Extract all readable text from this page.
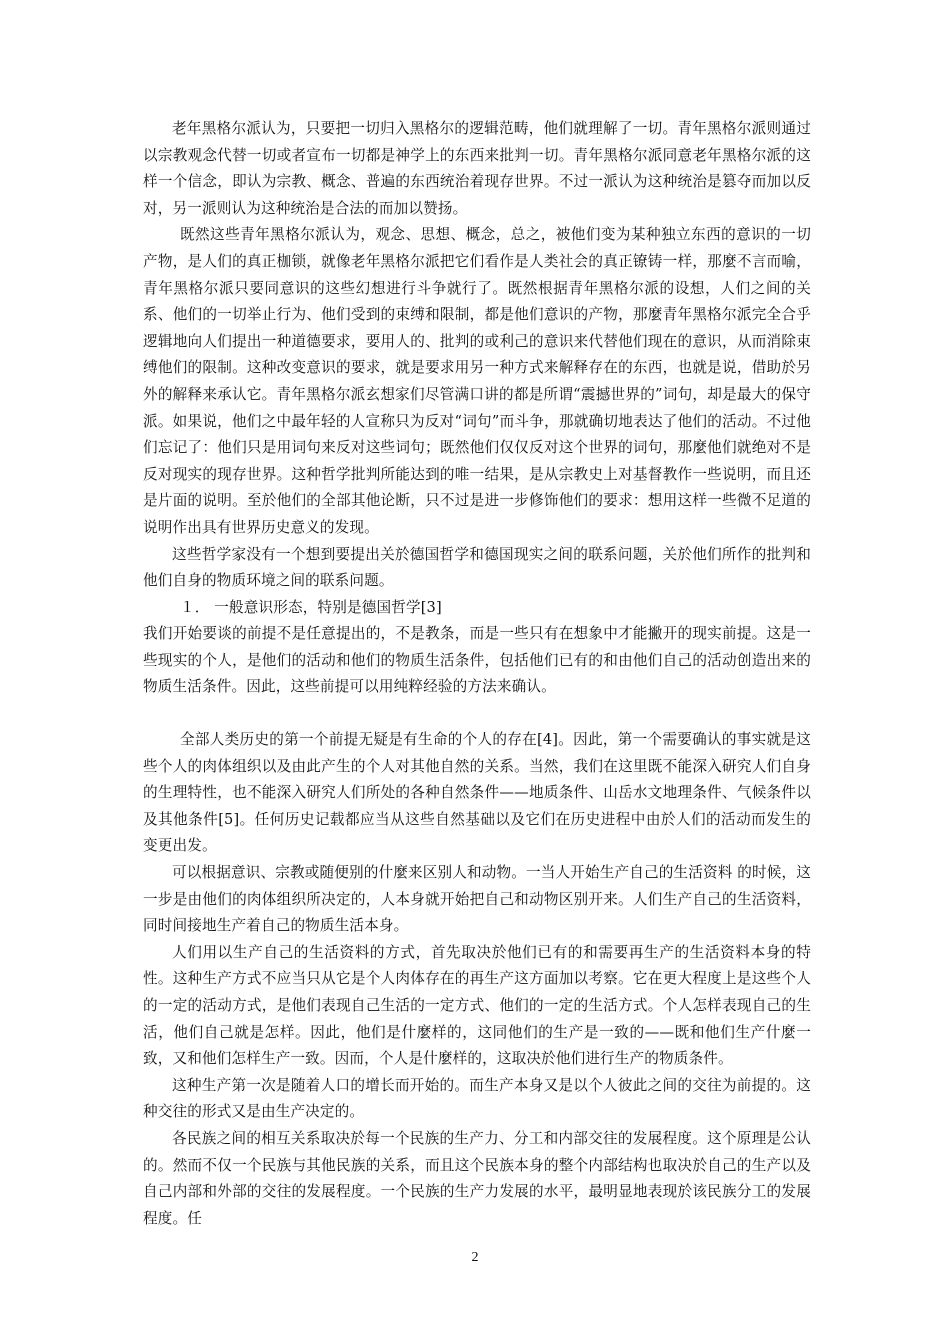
老年黑格尔派认为，只要把一切归入黑格尔的逻辑范畴，他们就理解了一切。青年黑格尔派则通过以宗教观念代替一切或者宣布一切都是神学上的东西来批判一切。青年黑格尔派同意老年黑格尔派的这样一个信念，即认为宗教、概念、普遍的东西统治着现存世界。不过一派认为这种统治是篡夺而加以反对，另一派则认为这种统治是合法的而加以赞扬。

既然这些青年黑格尔派认为，观念、思想、概念，总之，被他们变为某种独立东西的意识的一切产物，是人们的真正枷锁，就像老年黑格尔派把它们看作是人类社会的真正镣铸一样，那麼不言而喻，青年黑格尔派只要同意识的这些幻想进行斗争就行了。既然根据青年黑格尔派的设想，人们之间的关系、他们的一切举止行为、他们受到的束缚和限制，都是他们意识的产物，那麼青年黑格尔派完全合乎逻辑地向人们提出一种道德要求，要用人的、批判的或利己的意识来代替他们现在的意识，从而消除束缚他们的限制。这种改变意识的要求，就是要求用另一种方式来解释存在的东西，也就是说，借助於另外的解释来承认它。青年黑格尔派玄想家们尽管满口讲的都是所谓“震撼世界的”词句，却是最大的保守派。如果说，他们之中最年轻的人宣称只为反对“词句”而斗争，那就确切地表达了他们的活动。不过他们忘记了：他们只是用词句来反对这些词句；既然他们仅仅反对这个世界的词句，那麼他们就绝对不是反对现实的现存世界。这种哲学批判所能达到的唯一结果，是从宗教史上对基督教作一些说明，而且还是片面的说明。至於他们的全部其他论断，只不过是进一步修饰他们的要求：想用这样一些微不足道的说明作出具有世界历史意义的发现。

这些哲学家没有一个想到要提出关於德国哲学和德国现实之间的联系问题，关於他们所作的批判和他们自身的物质环境之间的联系问题。

１． 一般意识形态，特别是德国哲学[3]

我们开始要谈的前提不是任意提出的，不是教条，而是一些只有在想象中才能撇开的现实前提。这是一些现实的个人，是他们的活动和他们的物质生活条件，包括他们已有的和由他们自己的活动创造出来的物质生活条件。因此，这些前提可以用纯粹经验的方法来确认。

全部人类历史的第一个前提无疑是有生命的个人的存在[4]。因此，第一个需要确认的事实就是这些个人的肉体组织以及由此产生的个人对其他自然的关系。当然，我们在这里既不能深入研究人们自身的生理特性，也不能深入研究人们所处的各种自然条件——地质条件、山岳水文地理条件、气候条件以及其他条件[5]。任何历史记载都应当从这些自然基础以及它们在历史进程中由於人们的活动而发生的变更出发。

可以根据意识、宗教或随便别的什麼来区别人和动物。一当人开始生产自己的生活资料 的时候，这一步是由他们的肉体组织所决定的，人本身就开始把自己和动物区别开来。人们生产自己的生活资料，同时间接地生产着自己的物质生活本身。

人们用以生产自己的生活资料的方式，首先取决於他们已有的和需要再生产的生活资料本身的特性。这种生产方式不应当只从它是个人肉体存在的再生产这方面加以考察。它在更大程度上是这些个人的一定的活动方式，是他们表现自己生活的一定方式、他们的一定的生活方式。个人怎样表现自己的生活，他们自己就是怎样。因此，他们是什麼样的，这同他们的生产是一致的——既和他们生产什麼一致，又和他们怎样生产一致。因而，个人是什麼样的，这取决於他们进行生产的物质条件。

这种生产第一次是随着人口的增长而开始的。而生产本身又是以个人彼此之间的交往为前提的。这种交往的形式又是由生产决定的。

各民族之间的相互关系取决於每一个民族的生产力、分工和内部交往的发展程度。这个原理是公认的。然而不仅一个民族与其他民族的关系，而且这个民族本身的整个内部结构也取决於自己的生产以及自己内部和外部的交往的发展程度。一个民族的生产力发展的水平，最明显地表现於该民族分工的发展程度。任

2
